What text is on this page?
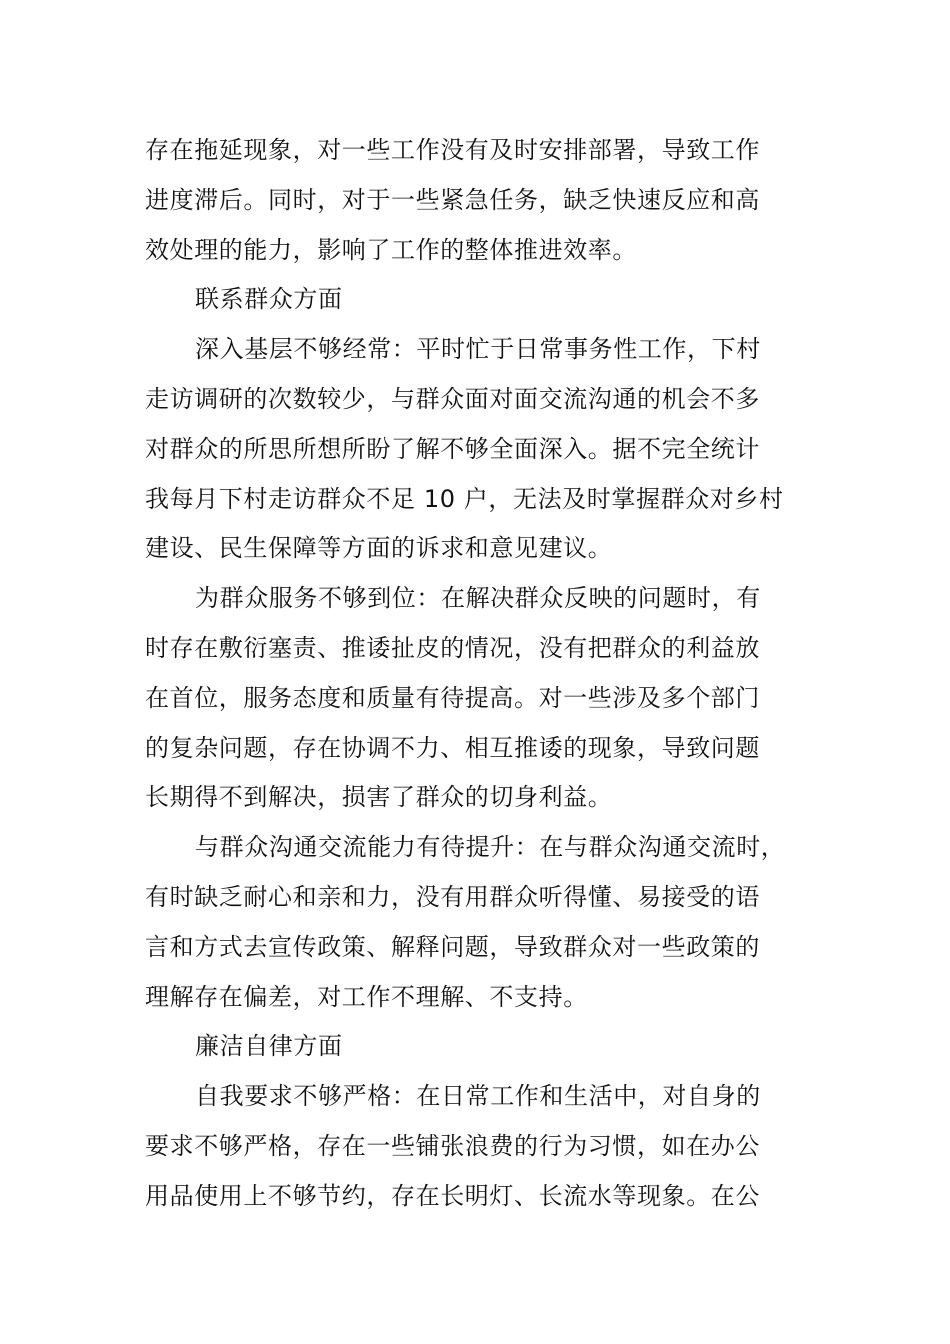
存在拖延现象，对一些工作没有及时安排部署，导致工作
进度滞后。同时，对于一些紧急任务，缺乏快速反应和高
效处理的能力，影响了工作的整体推进效率。
联系群众方面
深入基层不够经常：平时忙于日常事务性工作，下村
走访调研的次数较少，与群众面对面交流沟通的机会不多
对群众的所思所想所盼了解不够全面深入。据不完全统计
我每月下村走访群众不足 10 户，无法及时掌握群众对乡村
建设、民生保障等方面的诉求和意见建议。
为群众服务不够到位：在解决群众反映的问题时，有
时存在敷衍塞责、推诿扯皮的情况，没有把群众的利益放
在首位，服务态度和质量有待提高。对一些涉及多个部门
的复杂问题，存在协调不力、相互推诿的现象，导致问题
长期得不到解决，损害了群众的切身利益。
与群众沟通交流能力有待提升：在与群众沟通交流时，
有时缺乏耐心和亲和力，没有用群众听得懂、易接受的语
言和方式去宣传政策、解释问题，导致群众对一些政策的
理解存在偏差，对工作不理解、不支持。
廉洁自律方面
自我要求不够严格：在日常工作和生活中，对自身的
要求不够严格，存在一些铺张浪费的行为习惯，如在办公
用品使用上不够节约，存在长明灯、长流水等现象。在公
